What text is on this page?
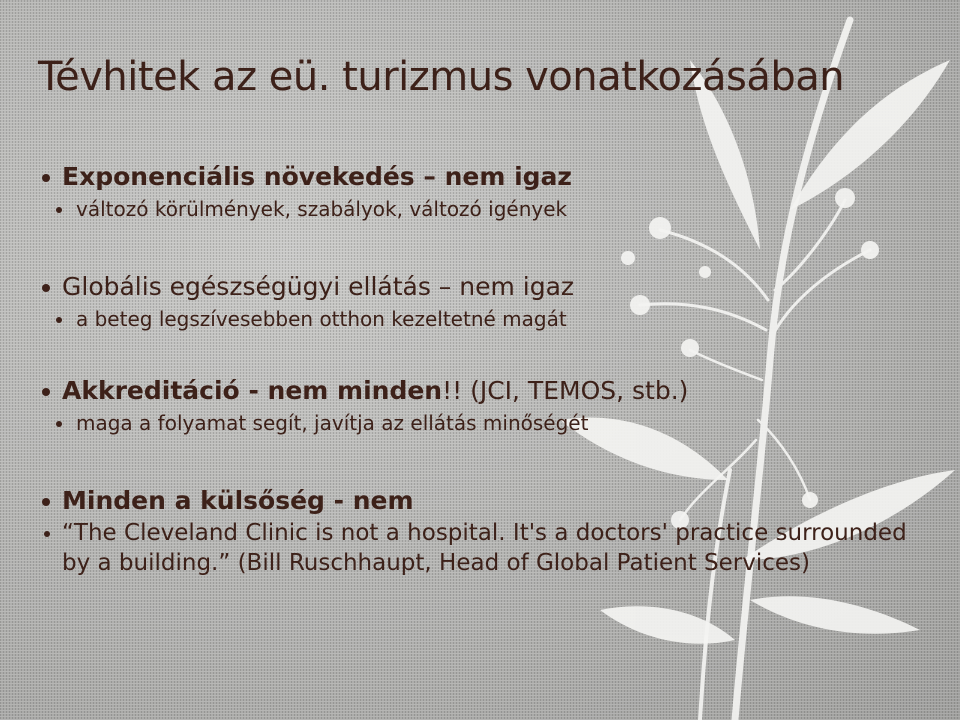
Tévhitek az eü. turizmus vonatkozásában
Exponenciális növekedés – nem igaz
változó körülmények, szabályok, változó igények
Globális egészségügyi ellátás – nem igaz
a beteg legszívesebben otthon kezeltetné magát
Akkreditáció - nem minden!! (JCI, TEMOS, stb.)
maga a folyamat segít, javítja az ellátás minőségét
Minden a külsőség - nem
“The Cleveland Clinic is not a hospital. It's a doctors' practice surrounded by a building.” (Bill Ruschhaupt, Head of Global Patient Services)
